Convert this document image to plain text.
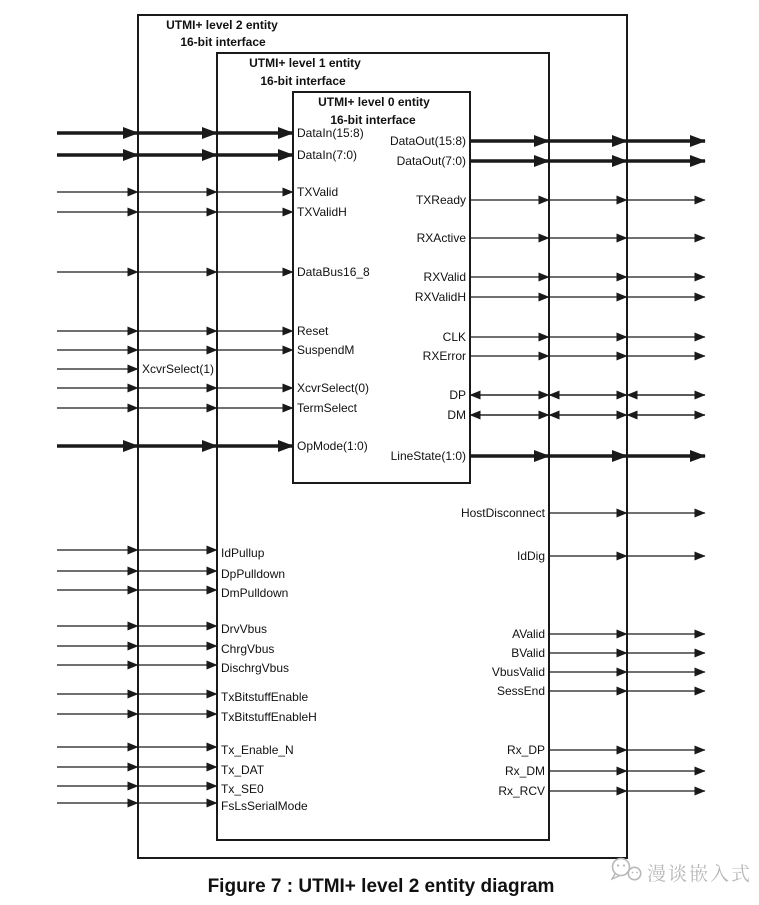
UTMI+ level 2 entity
16-bit interface
UTMI+ level 1 entity
16-bit interface
UTMI+ level 0 entity
16-bit interface
DataIn(15:8)
DataIn(7:0)
TXValid
TXValidH
DataBus16_8
Reset
SuspendM
XcvrSelect(1)
XcvrSelect(0)
TermSelect
OpMode(1:0)
DataOut(15:8)
DataOut(7:0)
TXReady
RXActive
RXValid
RXValidH
CLK
RXError
DP
DM
LineState(1:0)
IdPullup
DpPulldown
DmPulldown
DrvVbus
ChrgVbus
DischrgVbus
TxBitstuffEnable
TxBitstuffEnableH
Tx_Enable_N
Tx_DAT
Tx_SE0
FsLsSerialMode
HostDisconnect
IdDig
AValid
BValid
VbusValid
SessEnd
Rx_DP
Rx_DM
Rx_RCV
Figure 7 : UTMI+ level 2 entity diagram
漫谈嵌入式
